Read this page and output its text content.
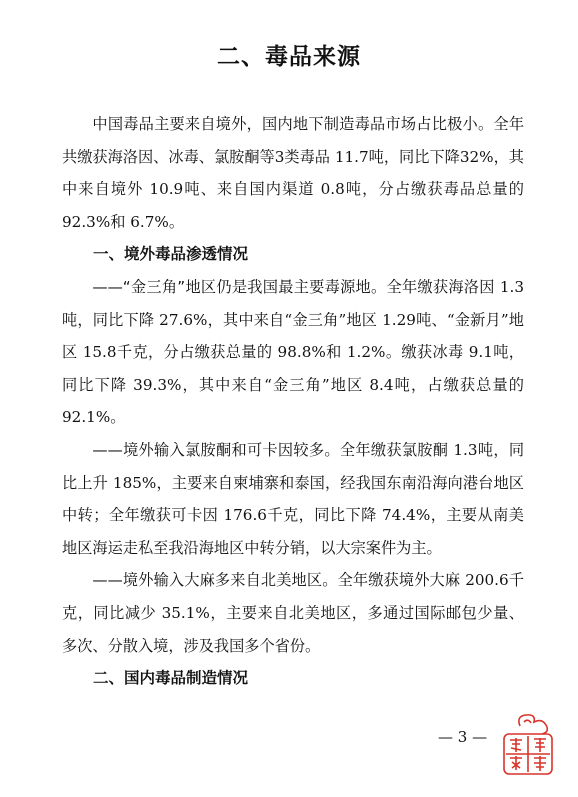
二、毒品来源

中国毒品主要来自境外，国内地下制造毒品市场占比极小。全年共缴获海洛因、冰毒、氯胺酮等3类毒品 11.7吨，同比下降32%，其中来自境外 10.9吨、来自国内渠道 0.8吨，分占缴获毒品总量的 92.3%和 6.7%。

一、境外毒品渗透情况

——“金三角”地区仍是我国最主要毒源地。全年缴获海洛因 1.3吨，同比下降 27.6%，其中来自“金三角”地区 1.29吨、“金新月”地区 15.8千克，分占缴获总量的 98.8%和 1.2%。缴获冰毒 9.1吨，同比下降 39.3%，其中来自“金三角”地区 8.4吨，占缴获总量的 92.1%。

——境外输入氯胺酮和可卡因较多。全年缴获氯胺酮 1.3吨，同比上升 185%，主要来自柬埔寨和泰国，经我国东南沿海向港台地区中转；全年缴获可卡因 176.6千克，同比下降 74.4%，主要从南美地区海运走私至我沿海地区中转分销，以大宗案件为主。

——境外输入大麻多来自北美地区。全年缴获境外大麻 200.6千克，同比减少 35.1%，主要来自北美地区，多通过国际邮包少量、多次、分散入境，涉及我国多个省份。

二、国内毒品制造情况

— 3 —
